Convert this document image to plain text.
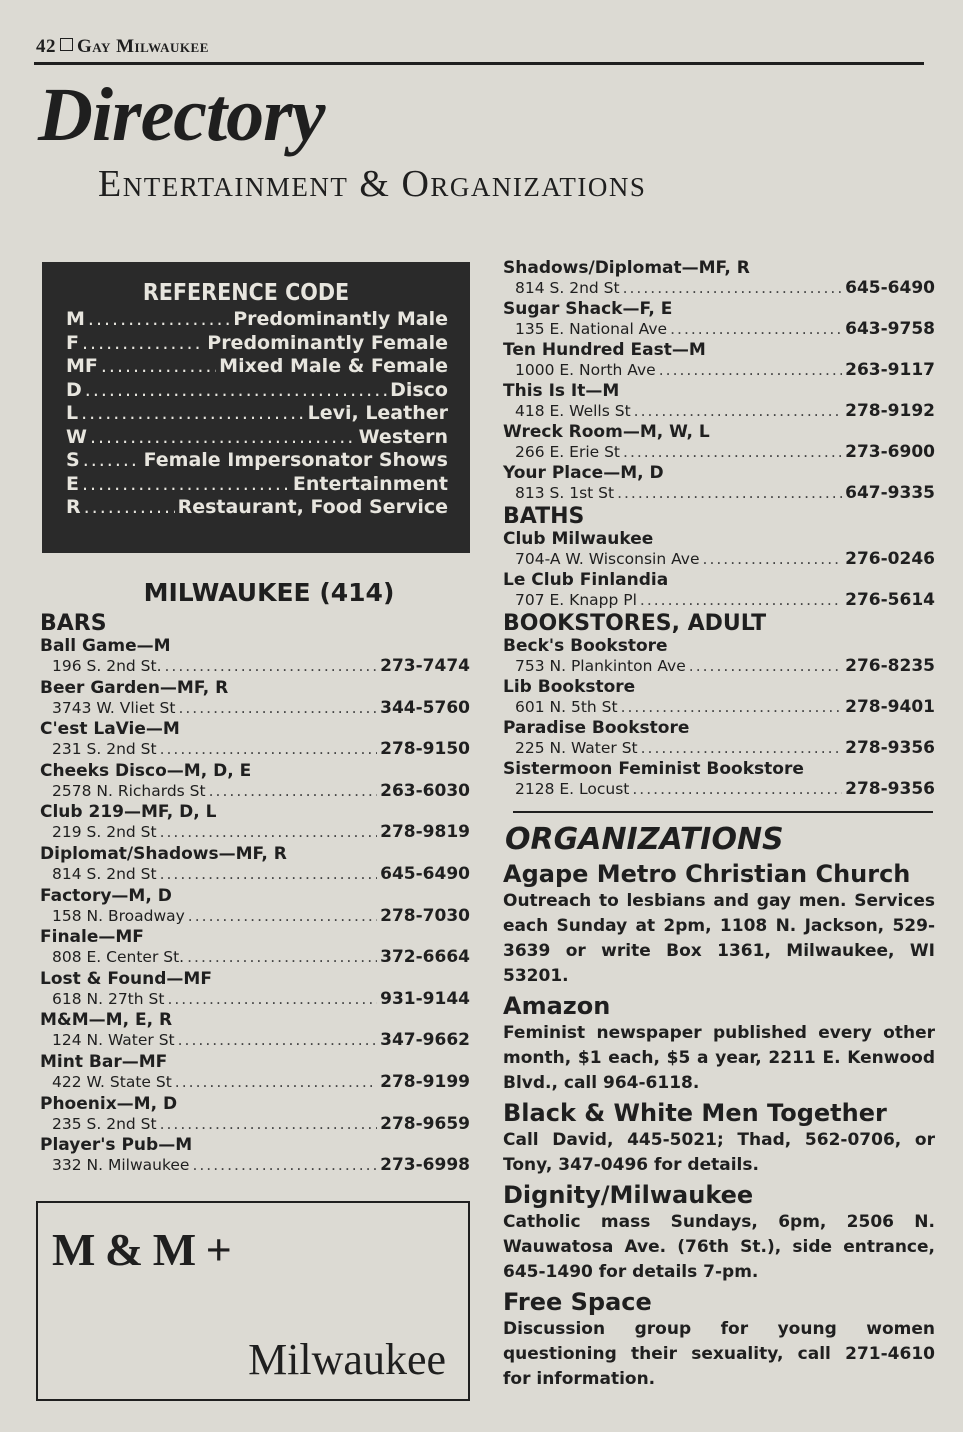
42 Gay Milwaukee
Directory
Entertainment & Organizations
REFERENCE CODE
M .....	Predominantly Male
F .....	Predominantly Female
MF .....	Mixed Male & Female
D .....	Disco
L .....	Levi, Leather
W .....	Western
S .....	Female Impersonator Shows
E .....	Entertainment
R .....	Restaurant, Food Service
MILWAUKEE (414)
BARS
Ball Game—M
196 S. 2nd St. .....	273-7474
Beer Garden—MF, R
3743 W. Vliet St .....	344-5760
C'est LaVie—M
231 S. 2nd St .....	278-9150
Cheeks Disco—M, D, E
2578 N. Richards St .....	263-6030
Club 219—MF, D, L
219 S. 2nd St .....	278-9819
Diplomat/Shadows—MF, R
814 S. 2nd St .....	645-6490
Factory—M, D
158 N. Broadway .....	278-7030
Finale—MF
808 E. Center St. .....	372-6664
Lost & Found—MF
618 N. 27th St .....	931-9144
M&M—M, E, R
124 N. Water St .....	347-9662
Mint Bar—MF
422 W. State St .....	278-9199
Phoenix—M, D
235 S. 2nd St .....	278-9659
Player's Pub—M
332 N. Milwaukee .....	273-6998
Shadows/Diplomat—MF, R
814 S. 2nd St .....	645-6490
Sugar Shack—F, E
135 E. National Ave .....	643-9758
Ten Hundred East—M
1000 E. North Ave .....	263-9117
This Is It—M
418 E. Wells St .....	278-9192
Wreck Room—M, W, L
266 E. Erie St .....	273-6900
Your Place—M, D
813 S. 1st St .....	647-9335
BATHS
Club Milwaukee
704-A W. Wisconsin Ave .....	276-0246
Le Club Finlandia
707 E. Knapp Pl .....	276-5614
BOOKSTORES, ADULT
Beck's Bookstore
753 N. Plankinton Ave .....	276-8235
Lib Bookstore
601 N. 5th St .....	278-9401
Paradise Bookstore
225 N. Water St .....	278-9356
Sistermoon Feminist Bookstore
2128 E. Locust .....	278-9356
ORGANIZATIONS
Agape Metro Christian Church
Outreach to lesbians and gay men. Services each Sunday at 2pm, 1108 N. Jackson, 529-3639 or write Box 1361, Milwaukee, WI 53201.
Amazon
Feminist newspaper published every other month, $1 each, $5 a year, 2211 E. Kenwood Blvd., call 964-6118.
Black & White Men Together
Call David, 445-5021; Thad, 562-0706, or Tony, 347-0496 for details.
Dignity/Milwaukee
Catholic mass Sundays, 6pm, 2506 N. Wauwatosa Ave. (76th St.), side entrance, 645-1490 for details 7-pm.
Free Space
Discussion group for young women questioning their sexuality, call 271-4610 for information.
M & M +
Milwaukee
